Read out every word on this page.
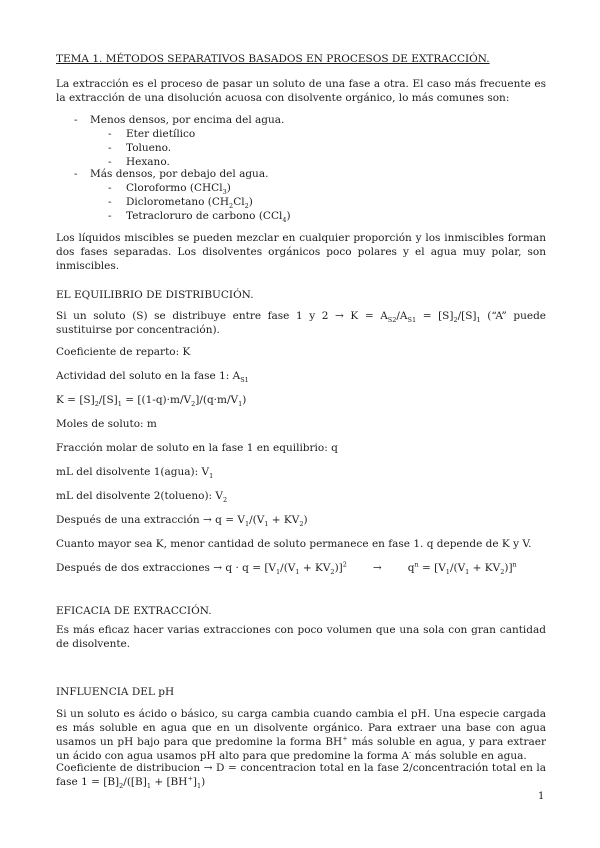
TEMA 1. MÉTODOS SEPARATIVOS BASADOS EN PROCESOS DE EXTRACCIÓN.

La extracción es el proceso de pasar un soluto de una fase a otra. El caso más frecuente es la extracción de una disolución acuosa con disolvente orgánico, lo más comunes son:

- Menos densos, por encima del agua.
- Eter dietílico
- Tolueno.
- Hexano.
- Más densos, por debajo del agua.
- Cloroformo (CHCl$_3$)
- Diclorometano $(CH_2Cl_2)$
- Tetracloruro de carbono (CCl$_4$)

Los líquidos miscibles se pueden mezclar en cualquier proporción y los inmiscibles forman dos fases separadas. Los disolventes orgánicos poco polares y el agua muy polar, son inmiscibles.

EL EQUILIBRIO DE DISTRIBUCIÓN.

Si un soluto (S) se distribuye entre fase 1 y $2 \to K = A_{S2}/A_{S1} = [S]_2/[S]_1$ (“A” puede sustituirse por concentración).

Coeficiente de reparto: K

Actividad del soluto en la fase 1: $A_{S1}$

$K = [S]_2/[S]_1 = [(1-q)\cdot m/V_2]/(q\cdot m/V_1)$

Moles de soluto: m

Fracción molar de soluto en la fase 1 en equilibrio: q

mL del disolvente 1(agua): $V_1$

mL del disolvente 2(tolueno): $V_2$

Después de una extracción → $q = V_1/(V_1 + KV_2)$

Cuanto mayor sea K, menor cantidad de soluto permanece en fase 1. q depende de K y V.

Después de dos extracciones → $q \cdot q = [V_1/(V_1 + KV_2)]^2 \to q^n = [V_1/(V_1 + KV_2)]^n$

EFICACIA DE EXTRACCIÓN.

Es más eficaz hacer varias extracciones con poco volumen que una sola con gran cantidad de disolvente.

INFLUENCIA DEL pH

Si un soluto es ácido o básico, su carga cambia cuando cambia el pH. Una especie cargada es más soluble en agua que en un disolvente orgánico. Para extraer una base con agua usamos un pH bajo para que predomine la forma BH+ más soluble en agua, y para extraer un ácido con agua usamos pH alto para que predomine la forma A- más soluble en agua.

Coeficiente de distribucion → D = concentracion total en la fase 2/concentración total en la fase $1 = [B]_2/([B]_1 + [BH^+]_1)$

1
